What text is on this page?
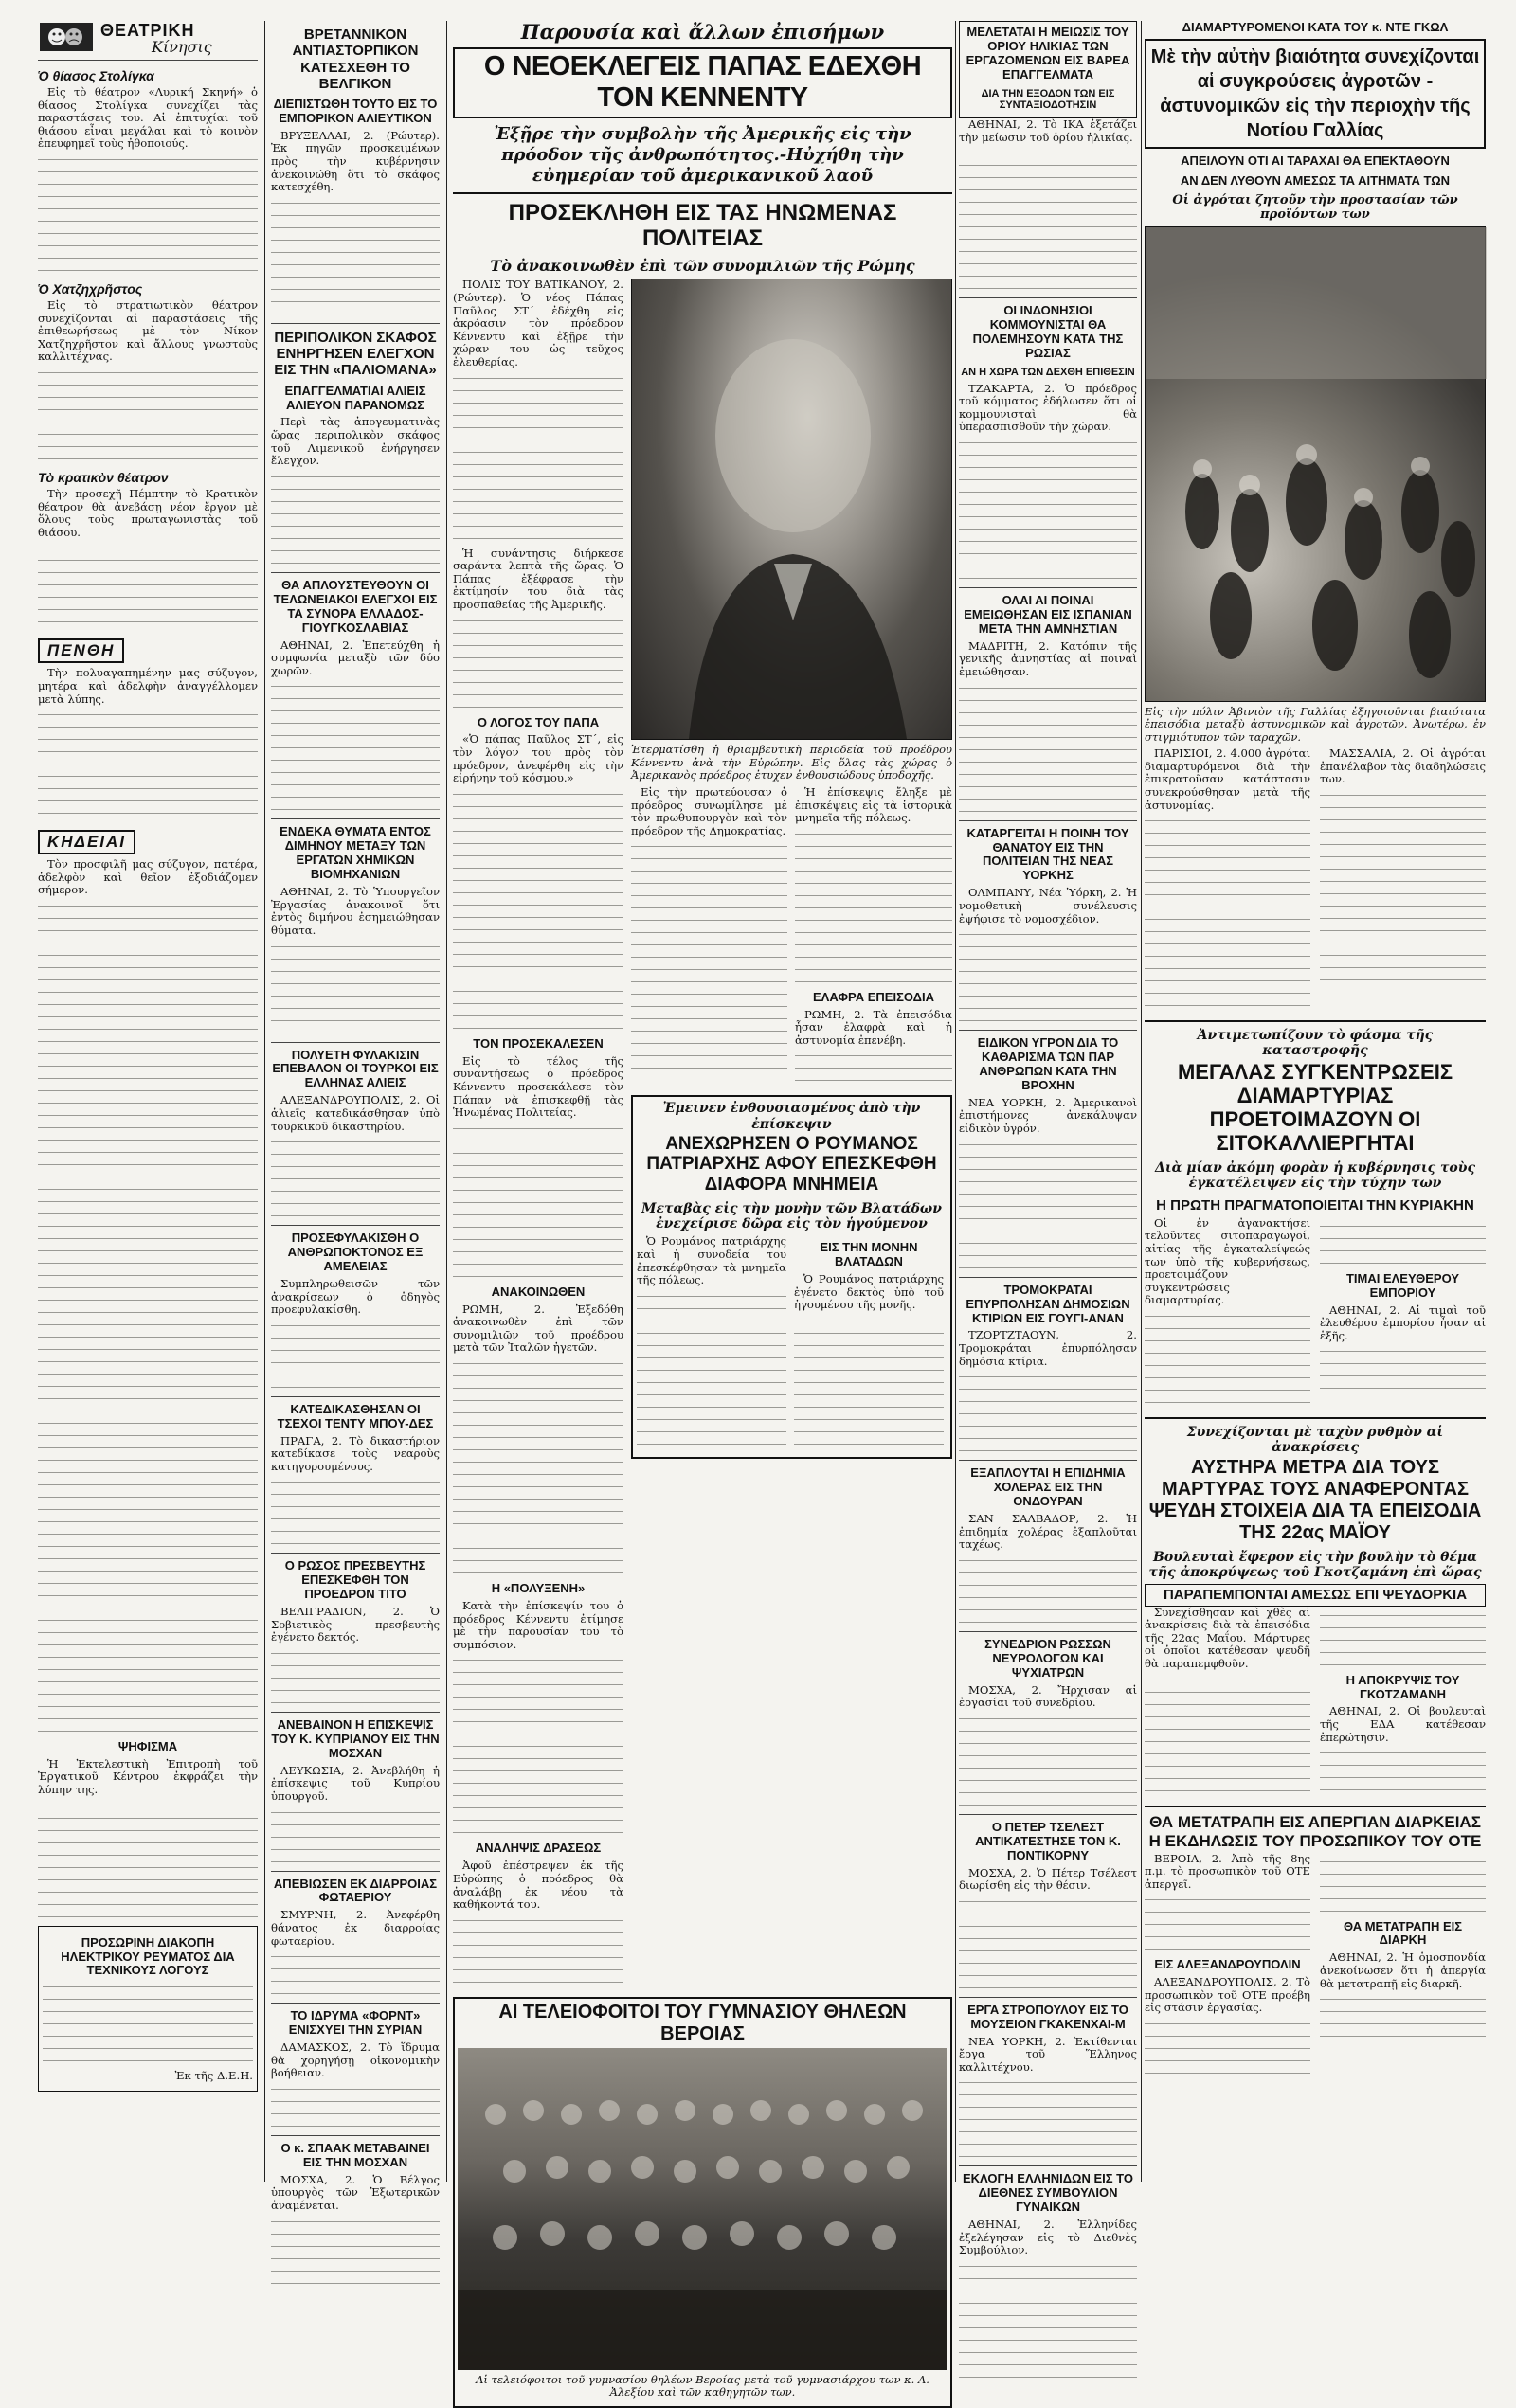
ΘΕΑΤΡΙΚΗ
Κίνησις
Ὁ θίασος Στολίγκα

Εἰς τὸ θέατρον «Λυρική Σκηνή» ὁ θίασος Στολίγκα συνεχίζει τὰς παραστάσεις του. Αἱ ἐπιτυχίαι τοῦ θιάσου εἶναι μεγάλαι καὶ τὸ κοινὸν ἐπευφημεῖ τοὺς ἠθοποιούς.

Ὁ Χατζηχρῆστος

Εἰς τὸ στρατιωτικὸν θέατρον συνεχίζονται αἱ παραστάσεις τῆς ἐπιθεωρήσεως μὲ τὸν Νίκον Χατζηχρῆστον καὶ ἄλλους γνωστοὺς καλλιτέχνας.

Τὸ κρατικὸν θέατρον

Τὴν προσεχῆ Πέμπτην τὸ Κρατικὸν θέατρον θὰ ἀνεβάσῃ νέον ἔργον μὲ ὅλους τοὺς πρωταγωνιστὰς τοῦ θιάσου.

ΠΕΝΘΗ

Τὴν πολυαγαπημένην μας σύζυγον, μητέρα καὶ ἀδελφὴν ἀναγγέλλομεν μετὰ λύπης.

ΚΗΔΕΙΑΙ

Τὸν προσφιλῆ μας σύζυγον, πατέρα, ἀδελφὸν καὶ θεῖον ἐξοδιάζομεν σήμερον.

ΨΗΦΙΣΜΑ

Ἡ Ἐκτελεστικὴ Ἐπιτροπὴ τοῦ Ἐργατικοῦ Κέντρου ἐκφράζει τὴν λύπην της.

ΠΡΟΣΩΡΙΝΗ ΔΙΑΚΟΠΗ ΗΛΕΚΤΡΙΚΟΥ ΡΕΥΜΑΤΟΣ ΔΙΑ ΤΕΧΝΙΚΟΥΣ ΛΟΓΟΥΣ

Ἐκ τῆς Δ.Ε.Η.

ΒΡΕΤΑΝΝΙΚΟΝ ΑΝΤΙΑΣΤΟΡΠΙΚΟΝ ΚΑΤΕΣΧΕΘΗ ΤΟ ΒΕΛΓΙΚΟΝ
ΔΙΕΠΙΣΤΩΘΗ ΤΟΥΤΟ ΕΙΣ ΤΟ ΕΜΠΟΡΙΚΟΝ ΑΛΙΕΥΤΙΚΟΝ

ΒΡΥΞΕΛΛΑΙ, 2. (Ρώυτερ). Ἐκ πηγῶν προσκειμένων πρὸς τὴν κυβέρνησιν ἀνεκοινώθη ὅτι τὸ σκάφος κατεσχέθη.

ΠΕΡΙΠΟΛΙΚΟΝ ΣΚΑΦΟΣ ΕΝΗΡΓΗΣΕΝ ΕΛΕΓΧΟΝ ΕΙΣ ΤΗΝ «ΠΑΛΙΟΜΑΝΑ»
ΕΠΑΓΓΕΛΜΑΤΙΑΙ ΑΛΙΕΙΣ ΑΛΙΕΥΟΝ ΠΑΡΑΝΟΜΩΣ

Περὶ τὰς ἀπογευματινὰς ὥρας περιπολικὸν σκάφος τοῦ Λιμενικοῦ ἐνήργησεν ἔλεγχον.

ΘΑ ΑΠΛΟΥΣΤΕΥΘΟΥΝ ΟΙ ΤΕΛΩΝΕΙΑΚΟΙ ΕΛΕΓΧΟΙ ΕΙΣ ΤΑ ΣΥΝΟΡΑ ΕΛΛΑΔΟΣ-ΓΙΟΥΓΚΟΣΛΑΒΙΑΣ

ΑΘΗΝΑΙ, 2. Ἐπετεύχθη ἡ συμφωνία μεταξὺ τῶν δύο χωρῶν.

ΕΝΔΕΚΑ ΘΥΜΑΤΑ ΕΝΤΟΣ ΔΙΜΗΝΟΥ ΜΕΤΑΞΥ ΤΩΝ ΕΡΓΑΤΩΝ ΧΗΜΙΚΩΝ ΒΙΟΜΗΧΑΝΙΩΝ

ΑΘΗΝΑΙ, 2. Τὸ Ὑπουργεῖον Ἐργασίας ἀνακοινοῖ ὅτι ἐντὸς διμήνου ἐσημειώθησαν θύματα.

ΠΟΛΥΕΤΗ ΦΥΛΑΚΙΣΙΝ ΕΠΕΒΑΛΟΝ ΟΙ ΤΟΥΡΚΟΙ ΕΙΣ ΕΛΛΗΝΑΣ ΑΛΙΕΙΣ

ΑΛΕΞΑΝΔΡΟΥΠΟΛΙΣ, 2. Οἱ ἁλιεῖς κατεδικάσθησαν ὑπὸ τουρκικοῦ δικαστηρίου.

ΠΡΟΣΕΦΥΛΑΚΙΣΘΗ Ο ΑΝΘΡΩΠΟΚΤΟΝΟΣ ΕΞ ΑΜΕΛΕΙΑΣ

Συμπληρωθεισῶν τῶν ἀνακρίσεων ὁ ὁδηγὸς προεφυλακίσθη.

ΚΑΤΕΔΙΚΑΣΘΗΣΑΝ ΟΙ ΤΣΕΧΟΙ ΤΕΝΤΥ ΜΠΟΥ-ΔΕΣ

ΠΡΑΓΑ, 2. Τὸ δικαστήριον κατεδίκασε τοὺς νεαροὺς κατηγορουμένους.

Ο ΡΩΣΟΣ ΠΡΕΣΒΕΥΤΗΣ ΕΠΕΣΚΕΦΘΗ ΤΟΝ ΠΡΟΕΔΡΟΝ ΤΙΤΟ

ΒΕΛΙΓΡΑΔΙΟΝ, 2. Ὁ Σοβιετικὸς πρεσβευτὴς ἐγένετο δεκτός.

ΑΝΕΒΑΙΝΟΝ Η ΕΠΙΣΚΕΨΙΣ ΤΟΥ Κ. ΚΥΠΡΙΑΝΟΥ ΕΙΣ ΤΗΝ ΜΟΣΧΑΝ

ΛΕΥΚΩΣΙΑ, 2. Ἀνεβλήθη ἡ ἐπίσκεψις τοῦ Κυπρίου ὑπουργοῦ.

ΑΠΕΒΙΩΣΕΝ ΕΚ ΔΙΑΡΡΟΙΑΣ ΦΩΤΑΕΡΙΟΥ

ΣΜΥΡΝΗ, 2. Ἀνεφέρθη θάνατος ἐκ διαρροίας φωταερίου.

ΤΟ ΙΔΡΥΜΑ «ΦΟΡΝΤ» ΕΝΙΣΧΥΕΙ ΤΗΝ ΣΥΡΙΑΝ

ΔΑΜΑΣΚΟΣ, 2. Τὸ ἵδρυμα θὰ χορηγήσῃ οἰκονομικὴν βοήθειαν.

Ο κ. ΣΠΑΑΚ ΜΕΤΑΒΑΙΝΕΙ ΕΙΣ ΤΗΝ ΜΟΣΧΑΝ

ΜΟΣΧΑ, 2. Ὁ Βέλγος ὑπουργὸς τῶν Ἐξωτερικῶν ἀναμένεται.

Παρουσία καὶ ἄλλων ἐπισήμων
Ο ΝΕΟΕΚΛΕΓΕΙΣ ΠΑΠΑΣ ΕΔΕΧΘΗ ΤΟΝ ΚΕΝΝΕΝΤΥ
Ἐξῇρε τὴν συμβολὴν τῆς Ἀμερικῆς εἰς τὴν πρόοδον τῆς ἀνθρωπότητος.-Ηὐχήθη τὴν εὐημερίαν τοῦ ἀμερικανικοῦ λαοῦ
ΠΡΟΣΕΚΛΗΘΗ ΕΙΣ ΤΑΣ ΗΝΩΜΕΝΑΣ ΠΟΛΙΤΕΙΑΣ
Τὸ ἀνακοινωθὲν ἐπὶ τῶν συνομιλιῶν τῆς Ρώμης

ΠΟΛΙΣ ΤΟΥ ΒΑΤΙΚΑΝΟΥ, 2. (Ρώυτερ). Ὁ νέος Πάπας Παῦλος ΣΤ΄ ἐδέχθη εἰς ἀκρόασιν τὸν πρόεδρον Κέννεντυ καὶ ἐξῇρε τὴν χώραν του ὡς τεῦχος ἐλευθερίας.

Ἡ συνάντησις διήρκεσε σαράντα λεπτὰ τῆς ὥρας. Ὁ Πάπας ἐξέφρασε τὴν ἐκτίμησίν του διὰ τὰς προσπαθείας τῆς Ἀμερικῆς.

Ο ΛΟΓΟΣ ΤΟΥ ΠΑΠΑ

«Ὁ πάπας Παῦλος ΣΤ΄, εἰς τὸν λόγον του πρὸς τὸν πρόεδρον, ἀνεφέρθη εἰς τὴν εἰρήνην τοῦ κόσμου.»

ΤΟΝ ΠΡΟΣΕΚΑΛΕΣΕΝ

Εἰς τὸ τέλος τῆς συναντήσεως ὁ πρόεδρος Κέννεντυ προσεκάλεσε τὸν Πάπαν νὰ ἐπισκεφθῇ τὰς Ἡνωμένας Πολιτείας.

ΑΝΑΚΟΙΝΩΘΕΝ

ΡΩΜΗ, 2. Ἐξεδόθη ἀνακοινωθὲν ἐπὶ τῶν συνομιλιῶν τοῦ προέδρου μετὰ τῶν Ἰταλῶν ἡγετῶν.

Η «ΠΟΛΥΞΕΝΗ»

Κατὰ τὴν ἐπίσκεψίν του ὁ πρόεδρος Κέννεντυ ἐτίμησε μὲ τὴν παρουσίαν του τὸ συμπόσιον.

ΑΝΑΛΗΨΙΣ ΔΡΑΣΕΩΣ

Ἀφοῦ ἐπέστρεψεν ἐκ τῆς Εὐρώπης ὁ πρόεδρος θὰ ἀναλάβῃ ἐκ νέου τὰ καθήκοντά του.

Ἐτερματίσθη ἡ θριαμβευτικὴ περιοδεία τοῦ προέδρου Κέννεντυ ἀνὰ τὴν Εὐρώπην. Εἰς ὅλας τὰς χώρας ὁ Ἀμερικανὸς πρόεδρος ἐτυχεν ἐνθουσιώδους ὑποδοχῆς.

Εἰς τὴν πρωτεύουσαν ὁ πρόεδρος συνωμίλησε μὲ τὸν πρωθυπουργὸν καὶ τὸν πρόεδρον τῆς Δημοκρατίας.

Ἡ ἐπίσκεψις ἔληξε μὲ ἐπισκέψεις εἰς τὰ ἱστορικὰ μνημεῖα τῆς πόλεως.

ΕΛΑΦΡΑ ΕΠΕΙΣΟΔΙΑ

ΡΩΜΗ, 2. Τὰ ἐπεισόδια ἦσαν ἐλαφρὰ καὶ ἡ ἀστυνομία ἐπενέβη.

Ἐμεινεν ἐνθουσιασμένος ἀπὸ τὴν ἐπίσκεψιν
ΑΝΕΧΩΡΗΣΕΝ Ο ΡΟΥΜΑΝΟΣ ΠΑΤΡΙΑΡΧΗΣ ΑΦΟΥ ΕΠΕΣΚΕΦΘΗ ΔΙΑΦΟΡΑ ΜΝΗΜΕΙΑ
Μεταβὰς εἰς τὴν μονὴν τῶν Βλατάδων ἐνεχείρισε δῶρα εἰς τὸν ἡγούμενον

Ὁ Ρουμάνος πατριάρχης καὶ ἡ συνοδεία του ἐπεσκέφθησαν τὰ μνημεῖα τῆς πόλεως.

ΕΙΣ ΤΗΝ ΜΟΝΗΝ ΒΛΑΤΑΔΩΝ

Ὁ Ρουμάνος πατριάρχης ἐγένετο δεκτὸς ὑπὸ τοῦ ἡγουμένου τῆς μονῆς.

ΑΙ ΤΕΛΕΙΟΦΟΙΤΟΙ ΤΟΥ ΓΥΜΝΑΣΙΟΥ ΘΗΛΕΩΝ ΒΕΡΟΙΑΣ

Αἱ τελειόφοιτοι τοῦ γυμνασίου θηλέων Βεροίας μετὰ τοῦ γυμνασιάρχου των κ. Α. Ἀλεξίου καὶ τῶν καθηγητῶν των.

ΜΕΛΕΤΑΤΑΙ Η ΜΕΙΩΣΙΣ ΤΟΥ ΟΡΙΟΥ ΗΛΙΚΙΑΣ ΤΩΝ ΕΡΓΑΖΟΜΕΝΩΝ ΕΙΣ ΒΑΡΕΑ ΕΠΑΓΓΕΛΜΑΤΑ
ΔΙΑ ΤΗΝ ΕΞΟΔΟΝ ΤΩΝ ΕΙΣ ΣΥΝΤΑΞΙΟΔΟΤΗΣΙΝ

ΑΘΗΝΑΙ, 2. Τὸ ΙΚΑ ἐξετάζει τὴν μείωσιν τοῦ ὁρίου ἡλικίας.

ΟΙ ΙΝΔΟΝΗΣΙΟΙ ΚΟΜΜΟΥΝΙΣΤΑΙ ΘΑ ΠΟΛΕΜΗΣΟΥΝ ΚΑΤΑ ΤΗΣ ΡΩΣΙΑΣ
ΑΝ Η ΧΩΡΑ ΤΩΝ ΔΕΧΘΗ ΕΠΙΘΕΣΙΝ

ΤΖΑΚΑΡΤΑ, 2. Ὁ πρόεδρος τοῦ κόμματος ἐδήλωσεν ὅτι οἱ κομμουνισταὶ θὰ ὑπερασπισθοῦν τὴν χώραν.

ΟΛΑΙ ΑΙ ΠΟΙΝΑΙ ΕΜΕΙΩΘΗΣΑΝ ΕΙΣ ΙΣΠΑΝΙΑΝ ΜΕΤΑ ΤΗΝ ΑΜΝΗΣΤΙΑΝ

ΜΑΔΡΙΤΗ, 2. Κατόπιν τῆς γενικῆς ἀμνηστίας αἱ ποιναὶ ἐμειώθησαν.

ΚΑΤΑΡΓΕΙΤΑΙ Η ΠΟΙΝΗ ΤΟΥ ΘΑΝΑΤΟΥ ΕΙΣ ΤΗΝ ΠΟΛΙΤΕΙΑΝ ΤΗΣ ΝΕΑΣ ΥΟΡΚΗΣ

ΟΛΜΠΑΝΥ, Νέα Ὑόρκη, 2. Ἡ νομοθετικὴ συνέλευσις ἐψήφισε τὸ νομοσχέδιον.

ΕΙΔΙΚΟΝ ΥΓΡΟΝ ΔΙΑ ΤΟ ΚΑΘΑΡΙΣΜΑ ΤΩΝ ΠΑΡ ΑΝΘΡΩΠΩΝ ΚΑΤΑ ΤΗΝ ΒΡΟΧΗΝ

ΝΕΑ ΥΟΡΚΗ, 2. Ἀμερικανοὶ ἐπιστήμονες ἀνεκάλυψαν εἰδικὸν ὑγρόν.

ΤΡΟΜΟΚΡΑΤΑΙ ΕΠΥΡΠΟΛΗΣΑΝ ΔΗΜΟΣΙΩΝ ΚΤΙΡΙΩΝ ΕΙΣ ΓΟΥΓΙ-ΑΝΑΝ

ΤΖΟΡΤΖΤΑΟΥΝ, 2. Τρομοκράται ἐπυρπόλησαν δημόσια κτίρια.

ΕΞΑΠΛΟΥΤΑΙ Η ΕΠΙΔΗΜΙΑ ΧΟΛΕΡΑΣ ΕΙΣ ΤΗΝ ΟΝΔΟΥΡΑΝ

ΣΑΝ ΣΑΛΒΑΔΟΡ, 2. Ἡ ἐπιδημία χολέρας ἐξαπλοῦται ταχέως.

ΣΥΝΕΔΡΙΟΝ ΡΩΣΣΩΝ ΝΕΥΡΟΛΟΓΩΝ ΚΑΙ ΨΥΧΙΑΤΡΩΝ

ΜΟΣΧΑ, 2. Ἤρχισαν αἱ ἐργασίαι τοῦ συνεδρίου.

Ο ΠΕΤΕΡ ΤΣΕΛΕΣΤ ΑΝΤΙΚΑΤΕΣΤΗΣΕ ΤΟΝ Κ. ΠΟΝΤΙΚΟΡΝΥ

ΜΟΣΧΑ, 2. Ὁ Πέτερ Τσέλεστ διωρίσθη εἰς τὴν θέσιν.

ΕΡΓΑ ΣΤΡΟΠΟΥΛΟΥ ΕΙΣ ΤΟ ΜΟΥΣΕΙΟΝ ΓΚΑΚΕΝΧΑΙ-Μ

ΝΕΑ ΥΟΡΚΗ, 2. Ἐκτίθενται ἔργα τοῦ Ἕλληνος καλλιτέχνου.

ΕΚΛΟΓΗ ΕΛΛΗΝΙΔΩΝ ΕΙΣ ΤΟ ΔΙΕΘΝΕΣ ΣΥΜΒΟΥΛΙΟΝ ΓΥΝΑΙΚΩΝ

ΑΘΗΝΑΙ, 2. Ἑλληνίδες ἐξελέγησαν εἰς τὸ Διεθνὲς Συμβούλιον.

ΔΙΑΜΑΡΤΥΡΟΜΕΝΟΙ ΚΑΤΑ ΤΟΥ κ. ΝΤΕ ΓΚΩΛ
Μὲ τὴν αὐτὴν βιαιότητα συνεχίζονται αἱ συγκρούσεις ἀγροτῶν - ἀστυνομικῶν εἰς τὴν περιοχὴν τῆς Νοτίου Γαλλίας
ΑΠΕΙΛΟΥΝ ΟΤΙ ΑΙ ΤΑΡΑΧΑΙ ΘΑ ΕΠΕΚΤΑΘΟΥΝ
ΑΝ ΔΕΝ ΛΥΘΟΥΝ ΑΜΕΣΩΣ ΤΑ ΑΙΤΗΜΑΤΑ ΤΩΝ
Οἱ ἀγρόται ζητοῦν τὴν προστασίαν τῶν προϊόντων των

Εἰς τὴν πόλιν Ἀβινιὸν τῆς Γαλλίας ἐξηγοιοῦνται βιαιότατα ἐπεισόδια μεταξὺ ἀστυνομικῶν καὶ ἀγροτῶν. Ἀνωτέρω, ἐν στιγμιότυπον τῶν ταραχῶν.

ΠΑΡΙΣΙΟΙ, 2. 4.000 ἀγρόται διαμαρτυρόμενοι διὰ τὴν ἐπικρατοῦσαν κατάστασιν συνεκρούσθησαν μετὰ τῆς ἀστυνομίας.

ΜΑΣΣΑΛΙΑ, 2. Οἱ ἀγρόται ἐπανέλαβον τὰς διαδηλώσεις των.

Ἀντιμετωπίζουν τὸ φάσμα τῆς καταστροφῆς
ΜΕΓΑΛΑΣ ΣΥΓΚΕΝΤΡΩΣΕΙΣ ΔΙΑΜΑΡΤΥΡΙΑΣ ΠΡΟΕΤΟΙΜΑΖΟΥΝ ΟΙ ΣΙΤΟΚΑΛΛΙΕΡΓΗΤΑΙ
Διὰ μίαν ἀκόμη φορὰν ἡ κυβέρνησις τοὺς ἐγκατέλειψεν εἰς τὴν τύχην των
Η ΠΡΩΤΗ ΠΡΑΓΜΑΤΟΠΟΙΕΙΤΑΙ ΤΗΝ ΚΥΡΙΑΚΗΝ

Οἱ ἐν ἀγανακτήσει τελοῦντες σιτοπαραγωγοί, αἰτίας τῆς ἐγκαταλείψεώς των ὑπὸ τῆς κυβερνήσεως, προετοιμάζουν συγκεντρώσεις διαμαρτυρίας.

ΤΙΜΑΙ ΕΛΕΥΘΕΡΟΥ ΕΜΠΟΡΙΟΥ

ΑΘΗΝΑΙ, 2. Αἱ τιμαὶ τοῦ ἐλευθέρου ἐμπορίου ἦσαν αἱ ἑξῆς.

Συνεχίζονται μὲ ταχὺν ρυθμὸν αἱ ἀνακρίσεις
ΑΥΣΤΗΡΑ ΜΕΤΡΑ ΔΙΑ ΤΟΥΣ ΜΑΡΤΥΡΑΣ ΤΟΥΣ ΑΝΑΦΕΡΟΝΤΑΣ ΨΕΥΔΗ ΣΤΟΙΧΕΙΑ ΔΙΑ ΤΑ ΕΠΕΙΣΟΔΙΑ ΤΗΣ 22ας ΜΑΪΟΥ
Βουλευταὶ ἔφερον εἰς τὴν βουλὴν τὸ θέμα τῆς ἀποκρύψεως τοῦ Γκοτζαμάνη ἐπὶ ὥρας
ΠΑΡΑΠΕΜΠΟΝΤΑΙ ΑΜΕΣΩΣ ΕΠΙ ΨΕΥΔΟΡΚΙΑ

Συνεχίσθησαν καὶ χθὲς αἱ ἀνακρίσεις διὰ τὰ ἐπεισόδια τῆς 22ας Μαΐου. Μάρτυρες οἱ ὁποῖοι κατέθεσαν ψευδῆ θὰ παραπεμφθοῦν.

Η ΑΠΟΚΡΥΨΙΣ ΤΟΥ ΓΚΟΤΖΑΜΑΝΗ

ΑΘΗΝΑΙ, 2. Οἱ βουλευταὶ τῆς ΕΔΑ κατέθεσαν ἐπερώτησιν.

ΘΑ ΜΕΤΑΤΡΑΠΗ ΕΙΣ ΑΠΕΡΓΙΑΝ ΔΙΑΡΚΕΙΑΣ Η ΕΚΔΗΛΩΣΙΣ ΤΟΥ ΠΡΟΣΩΠΙΚΟΥ ΤΟΥ ΟΤΕ

ΒΕΡΟΙΑ, 2. Ἀπὸ τῆς 8ης π.μ. τὸ προσωπικὸν τοῦ ΟΤΕ ἀπεργεῖ.

ΕΙΣ ΑΛΕΞΑΝΔΡΟΥΠΟΛΙΝ

ΑΛΕΞΑΝΔΡΟΥΠΟΛΙΣ, 2. Τὸ προσωπικὸν τοῦ ΟΤΕ προέβη εἰς στάσιν ἐργασίας.

ΘΑ ΜΕΤΑΤΡΑΠΗ ΕΙΣ ΔΙΑΡΚΗ

ΑΘΗΝΑΙ, 2. Ἡ ὁμοσπονδία ἀνεκοίνωσεν ὅτι ἡ ἀπεργία θὰ μετατραπῇ εἰς διαρκῆ.
